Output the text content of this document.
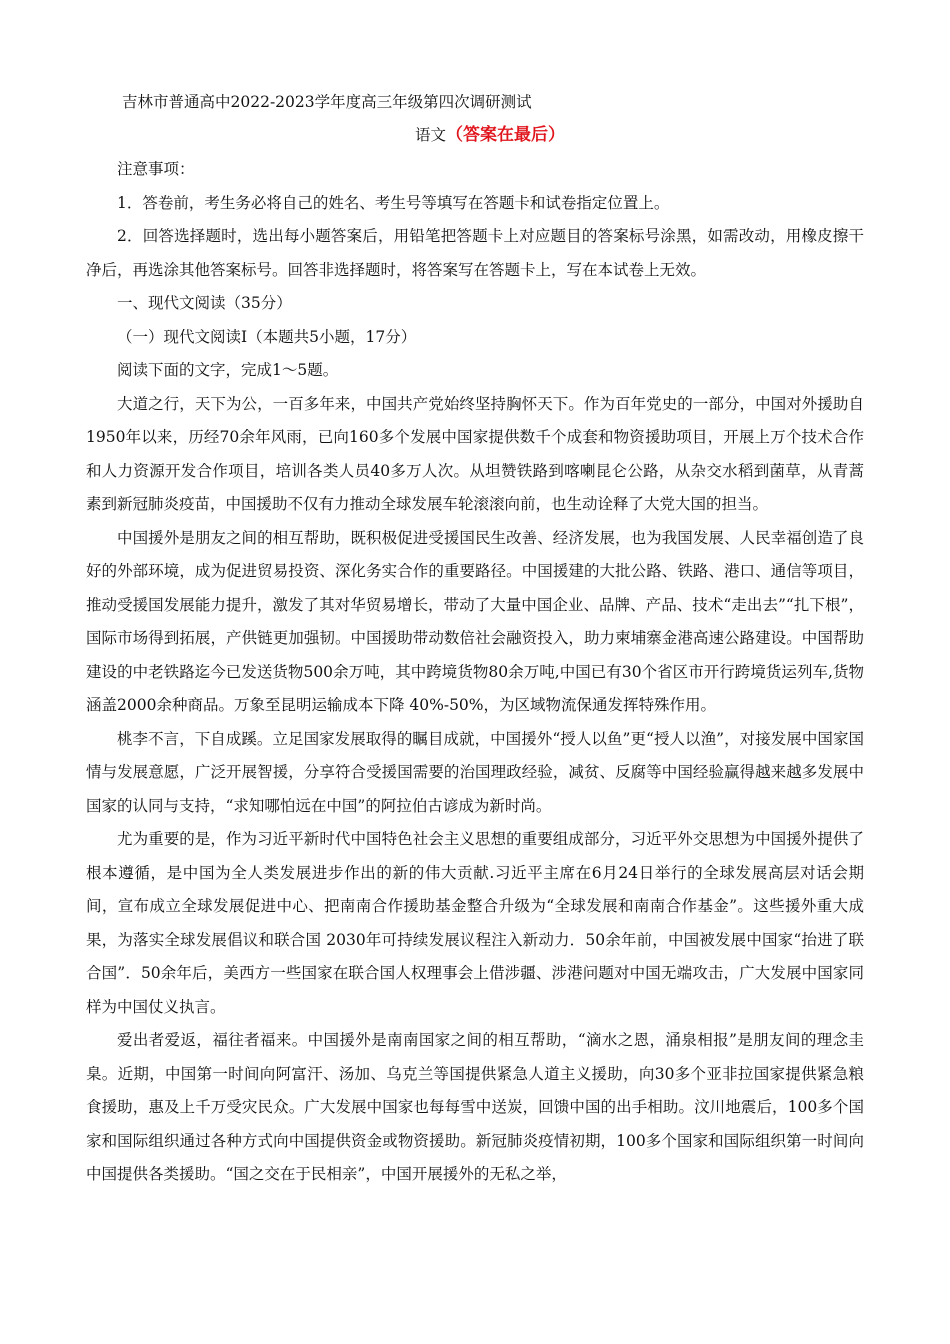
吉林市普通高中2022-2023学年度高三年级第四次调研测试
语文（答案在最后）

注意事项：

1．答卷前，考生务必将自己的姓名、考生号等填写在答题卡和试卷指定位置上。

2．回答选择题时，选出每小题答案后，用铅笔把答题卡上对应题目的答案标号涂黑，如需改动，用橡皮擦干净后，再选涂其他答案标号。回答非选择题时，将答案写在答题卡上，写在本试卷上无效。

一、现代文阅读（35分）

（一）现代文阅读Ⅰ（本题共5小题，17分）

阅读下面的文字，完成1～5题。

大道之行，天下为公，一百多年来，中国共产党始终坚持胸怀天下。作为百年党史的一部分，中国对外援助自1950年以来，历经70余年风雨，已向160多个发展中国家提供数千个成套和物资援助项目，开展上万个技术合作和人力资源开发合作项目，培训各类人员40多万人次。从坦赞铁路到喀喇昆仑公路，从杂交水稻到菌草，从青蒿素到新冠肺炎疫苗，中国援助不仅有力推动全球发展车轮滚滚向前，也生动诠释了大党大国的担当。

中国援外是朋友之间的相互帮助，既积极促进受援国民生改善、经济发展，也为我国发展、人民幸福创造了良好的外部环境，成为促进贸易投资、深化务实合作的重要路径。中国援建的大批公路、铁路、港口、通信等项目，推动受援国发展能力提升，激发了其对华贸易增长，带动了大量中国企业、品牌、产品、技术“走出去”“扎下根”，国际市场得到拓展，产供链更加强韧。中国援助带动数倍社会融资投入，助力柬埔寨金港高速公路建设。中国帮助建设的中老铁路迄今已发送货物500余万吨，其中跨境货物80余万吨,中国已有30个省区市开行跨境货运列车,货物涵盖2000余种商品。万象至昆明运输成本下降 40%-50%，为区域物流保通发挥特殊作用。

桃李不言，下自成蹊。立足国家发展取得的瞩目成就，中国援外“授人以鱼”更“授人以渔”，对接发展中国家国情与发展意愿，广泛开展智援，分享符合受援国需要的治国理政经验，减贫、反腐等中国经验赢得越来越多发展中国家的认同与支持，“求知哪怕远在中国”的阿拉伯古谚成为新时尚。

尤为重要的是，作为习近平新时代中国特色社会主义思想的重要组成部分，习近平外交思想为中国援外提供了根本遵循，是中国为全人类发展进步作出的新的伟大贡献.习近平主席在6月24日举行的全球发展高层对话会期间，宣布成立全球发展促进中心、把南南合作援助基金整合升级为“全球发展和南南合作基金”。这些援外重大成果，为落实全球发展倡议和联合国 2030年可持续发展议程注入新动力．50余年前，中国被发展中国家“抬进了联合国”．50余年后，美西方一些国家在联合国人权理事会上借涉疆、涉港问题对中国无端攻击，广大发展中国家同样为中国仗义执言。

爱出者爱返，福往者福来。中国援外是南南国家之间的相互帮助，“滴水之恩，涌泉相报”是朋友间的理念圭臬。近期，中国第一时间向阿富汗、汤加、乌克兰等国提供紧急人道主义援助，向30多个亚非拉国家提供紧急粮食援助，惠及上千万受灾民众。广大发展中国家也每每雪中送炭，回馈中国的出手相助。汶川地震后，100多个国家和国际组织通过各种方式向中国提供资金或物资援助。新冠肺炎疫情初期，100多个国家和国际组织第一时间向中国提供各类援助。“国之交在于民相亲”，中国开展援外的无私之举，
